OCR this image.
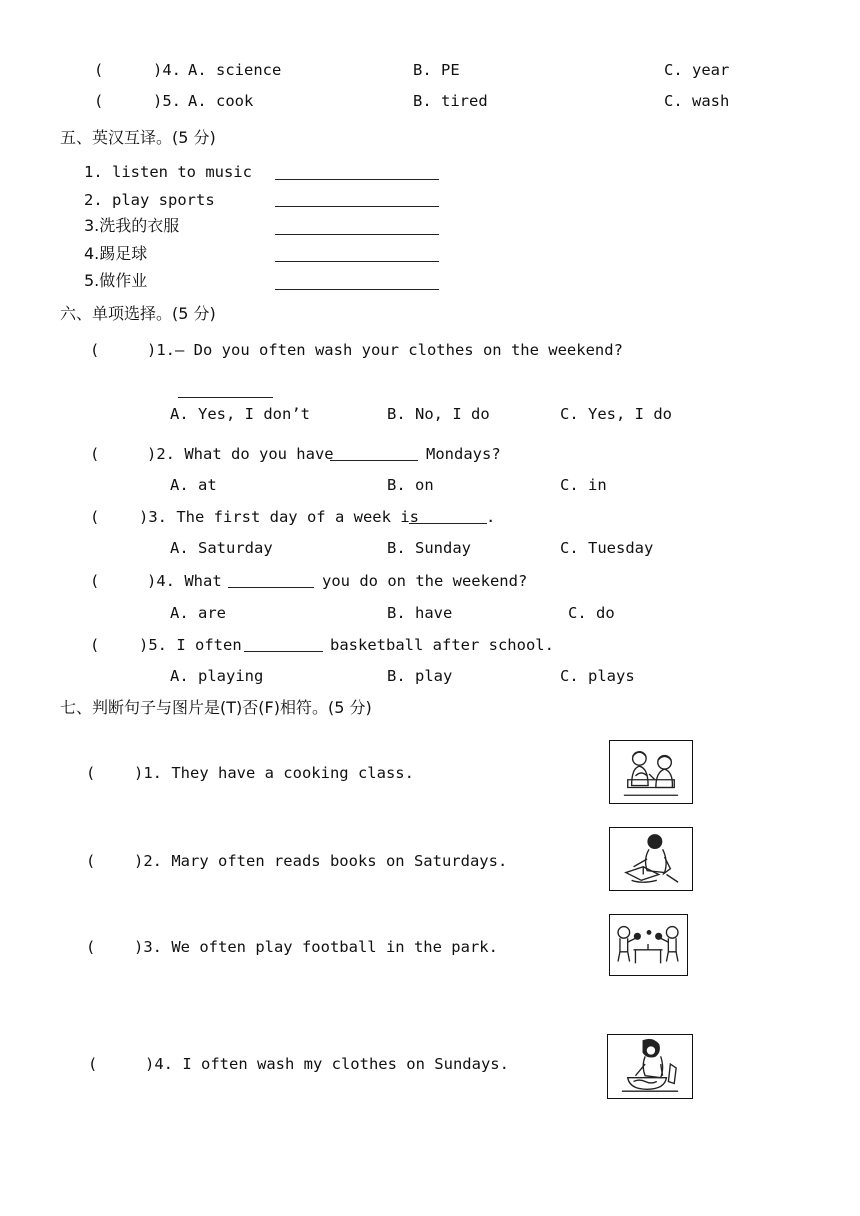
(	)4. A. science	B. PE	C. year
(	)5. A. cook	B. tired	C. wash
五、英汉互译。(5 分)
1. listen to music
2. play sports
3.洗我的衣服
4.踢足球
5.做作业
六、单项选择。(5 分)
(	)1.— Do you often wash your clothes on the weekend?
A. Yes, I don’t	B. No, I do	C. Yes, I do
(	)2. What do you have	Mondays?
A. at	B. on	C. in
(	)3. The first day of a week is	.
A. Saturday	B. Sunday	C. Tuesday
(	)4. What	you do on the weekend?
A. are	B. have	C. do
(	)5. I often	basketball after school.
A. playing	B. play	C. plays
七、判断句子与图片是(T)否(F)相符。(5 分)
( )1. They have a cooking class.
( )2. Mary often reads books on Saturdays.
( )3. We often play football in the park.
(	)4. I often wash my clothes on Sundays.
